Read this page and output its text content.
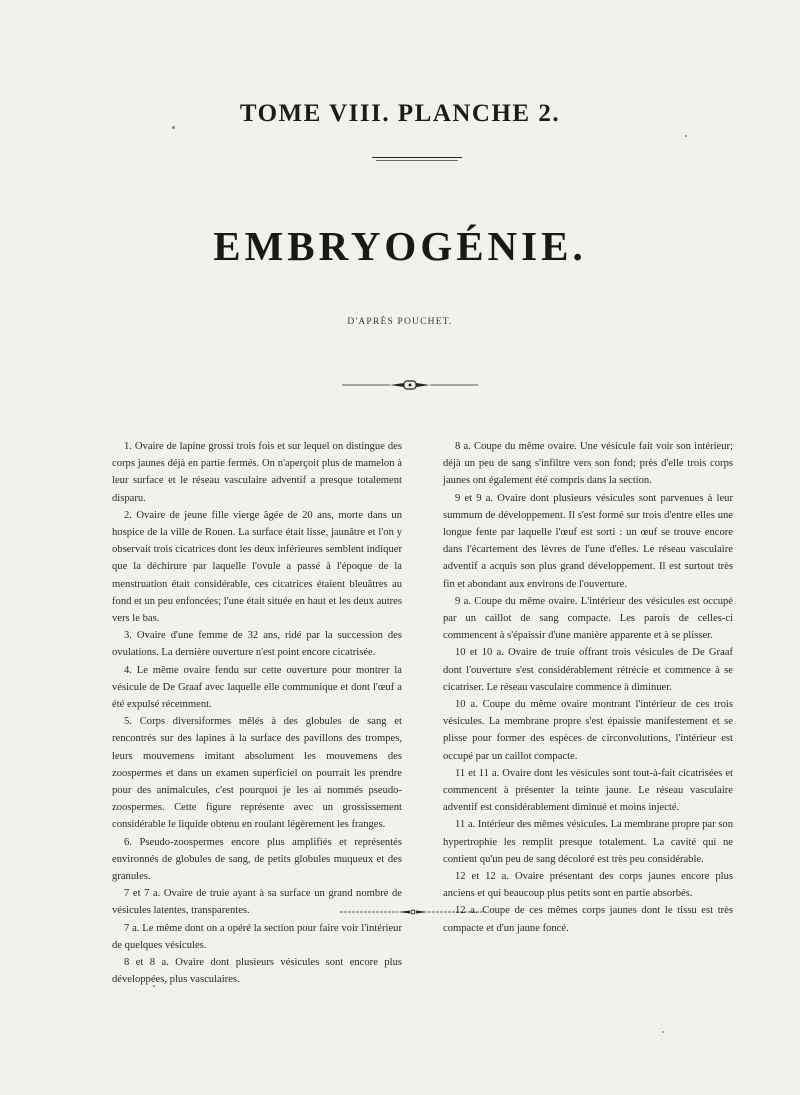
TOME VIII. PLANCHE 2.
EMBRYOGÉNIE.
D'APRÈS POUCHET.

1. Ovaire de lapine grossi trois fois et sur lequel on distingue des corps jaunes déjà en partie fermés. On n'aperçoit plus de mamelon à leur surface et le réseau vasculaire adventif a presque totalement disparu.

2. Ovaire de jeune fille vierge âgée de 20 ans, morte dans un hospice de la ville de Rouen. La surface était lisse, jaunâtre et l'on y observait trois cicatrices dont les deux inférieures semblent indiquer que la déchirure par laquelle l'ovule a passé à l'époque de la menstruation était considérable, ces cicatrices étaient bleuâtres au fond et un peu enfoncées; l'une était située en haut et les deux autres vers le bas.

3. Ovaire d'une femme de 32 ans, ridé par la succession des ovulations. La dernière ouverture n'est point encore cicatrisée.

4. Le même ovaire fendu sur cette ouverture pour montrer la vésicule de De Graaf avec laquelle elle communique et dont l'œuf a été expulsé récemment.

5. Corps diversiformes mêlés à des globules de sang et rencontrés sur des lapines à la surface des pavillons des trompes, leurs mouvemens imitant absolument les mouvemens des zoospermes et dans un examen superficiel on pourrait les prendre pour des animalcules, c'est pourquoi je les ai nommés pseudo-zoospermes. Cette figure représente avec un grossissement considérable le liquide obtenu en roulant légèrement les franges.

6. Pseudo-zoospermes encore plus amplifiés et représentés environnés de globules de sang, de petits globules muqueux et des granules.

7 et 7 a. Ovaire de truie ayant à sa surface un grand nombre de vésicules latentes, transparentes.

7 a. Le même dont on a opéré la section pour faire voir l'intérieur de quelques vésicules.

8 et 8 a. Ovaire dont plusieurs vésicules sont encore plus développées, plus vasculaires.

8 a. Coupe du même ovaire. Une vésicule fait voir son intérieur; déjà un peu de sang s'infiltre vers son fond; près d'elle trois corps jaunes ont également été compris dans la section.

9 et 9 a. Ovaire dont plusieurs vésicules sont parvenues à leur summum de développement. Il s'est formé sur trois d'entre elles une longue fente par laquelle l'œuf est sorti : un œuf se trouve encore dans l'écartement des lèvres de l'une d'elles. Le réseau vasculaire adventif a acquis son plus grand développement. Il est surtout très fin et abondant aux environs de l'ouverture.

9 a. Coupe du même ovaire. L'intérieur des vésicules est occupé par un caillot de sang compacte. Les parois de celles-ci commencent à s'épaissir d'une manière apparente et à se plisser.

10 et 10 a. Ovaire de truie offrant trois vésicules de De Graaf dont l'ouverture s'est considérablement rétrécie et commence à se cicatriser. Le réseau vasculaire commence à diminuer.

10 a. Coupe du même ovaire montrant l'intérieur de ces trois vésicules. La membrane propre s'est épaissie manifestement et se plisse pour former des espèces de circonvolutions, l'intérieur est occupé par un caillot compacte.

11 et 11 a. Ovaire dont les vésicules sont tout-à-fait cicatrisées et commencent à présenter la teinte jaune. Le réseau vasculaire adventif est considérablement diminué et moins injecté.

11 a. Intérieur des mêmes vésicules. La membrane propre par son hypertrophie les remplit presque totalement. La cavité qui ne contient qu'un peu de sang décoloré est très peu considérable.

12 et 12 a. Ovaire présentant des corps jaunes encore plus anciens et qui beaucoup plus petits sont en partie absorbés.

12 a. Coupe de ces mêmes corps jaunes dont le tissu est très compacte et d'un jaune foncé.
